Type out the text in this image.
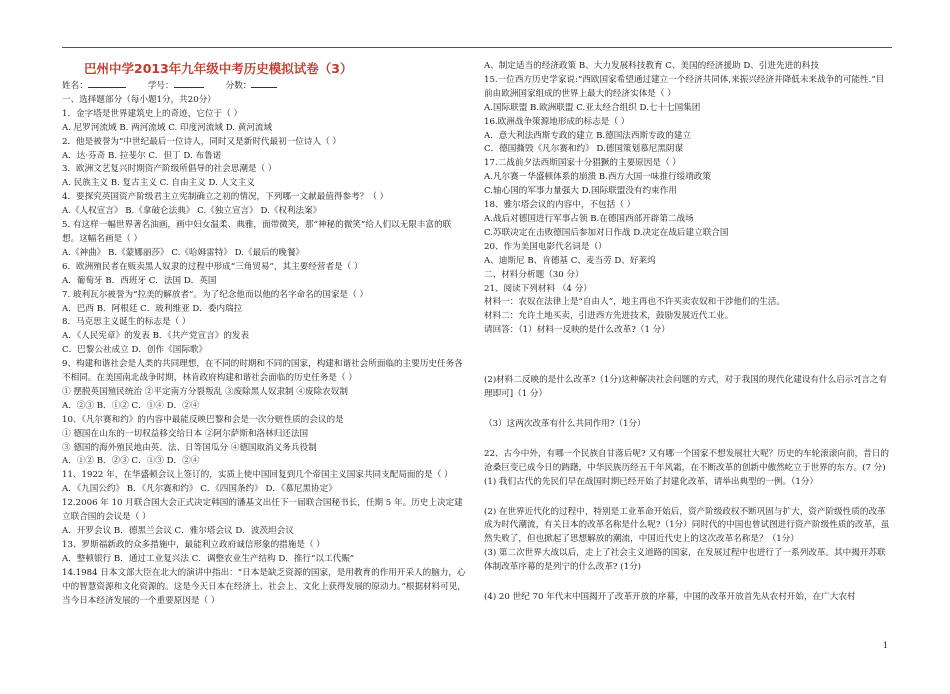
巴州中学2013年九年级中考历史模拟试卷（3）
姓名：	学号：	分数：
一、选择题部分（每小题1分，共20分）
1．金字塔是世界建筑史上的奇迹，它位于（ ）
A. 尼罗河流域 B. 两河流域 C. 印度河流域 D. 黄河流域
2．他是被誉为“中世纪最后一位诗人，同时又是新时代最初一位诗人（ ）
A．达·芬奇 B. 拉斐尔 C．但丁 D. 布鲁诺
3．欧洲文艺复兴时期资产阶级所倡导的社会思潮是（ ）
A. 民族主义 B. 复古主义 C. 自由主义 D. 人文主义
4．要探究英国资产阶级君主立宪制确立之初的情况，下列哪一文献最值得参考？（ ）
A.《人权宣言》 B.《拿破仑法典》 C.《独立宣言》 D.《权利法案》
5. 有这样一幅世界著名油画，画中妇女温柔、典雅，面带微笑，那“神秘的微笑”给人们以无限丰富的联想。这幅名画是（ ）
A.《神曲》 B.《蒙娜丽莎》 C.《哈姆雷特》 D.《最后的晚餐》
6．欧洲殖民者在贩卖黑人奴隶的过程中形成“三角贸易”，其主要经营者是（ ）
A．葡萄牙 B．西班牙 C．法国 D．英国
7. 玻利瓦尔被誉为“拉美的解放者”。为了纪念他而以他的名字命名的国家是（ ）
A．巴西 B．阿根廷 C．玻利维亚 D．委内瑞拉
8．马克思主义诞生的标志是（ ）
A．《人民宪章》的发表 B．《共产党宣言》的发表
C．巴黎公社成立 D．创作《国际歌》
9、构建和谐社会是人类的共同理想，在不同的时期和不同的国家，构建和谐社会所面临的主要历史任务各不相同。在美国南北战争时期，林肯政府构建和谐社会面临的历史任务是（ ）
① 摆脱英国殖民统治 ②平定南方分裂叛乱 ③废除黑人奴隶制 ④废除农奴制
A．②③ B．①② C．①④ D．②④
10、《凡尔赛和约》的内容中最能反映巴黎和会是一次分赃性质的会议的是
① 德国在山东的一切权益移交给日本 ②阿尔萨斯和洛林归还法国
③ 德国的海外殖民地由英、法、日等国瓜分 ④德国取消义务兵役制
A．①② B．②③ C．①③ D．②④
11、1922 年，在华盛顿会议上签订的，实质上使中国回复到几个帝国主义国家共同支配局面的是（ ）
A．《九国公约》 B．《凡尔赛和约》 C．《四国条约》 D．《慕尼黑协定》
12.2006 年 10 月联合国大会正式决定韩国的潘基文出任下一届联合国秘书长，任期 5 年。历史上决定建立联合国的会议是（ ）
A．开罗会议 B．德黑兰会议 C．雅尔塔会议 D．波茨坦会议
13、罗斯福新政的众多措施中，最能利立政府诚信形象的措施是（ ）
A．整顿银行 B．通过工业复兴法 C．调整农业生产结构 D．推行“以工代赈”
14.1984 日本文部大臣在北大的演讲中指出：“日本是缺乏资源的国家，是用教育的作用开采人的脑力，心中的智慧资源和文化资源的。这是今天日本在经济上、社会上、文化上获得发展的原动力。”根据材料可见，当今日本经济发展的一个重要原因是（ ）
A、制定适当的经济政策 B、大力发展科技教育 C、美国的经济援助 D、引进先进的科技
15.一位西方历史学家说:“西欧国家希望通过建立一个经济共同体,来振兴经济并降低未来战争的可能性.”目前由欧洲国家组成的世界上最大的经济实体是（ ）
A.国际联盟 B.欧洲联盟 C.亚太经合组织 D.七十七国集团
16.欧洲战争策源地形成的标志是（ ）
A．意大利法西斯专政的建立 B.德国法西斯专政的建立
C．德国撕毁《凡尔赛和约》 D.德国策划慕尼黑阴谋
17.二战前夕法西斯国家十分猖獗的主要原因是（ ）
A.凡尔赛－华盛顿体系的崩溃 B.西方大国一味推行绥靖政策
C.轴心国的军事力量强大 D.国际联盟没有约束作用
18、雅尔塔会议的内容中，不包括（ ）
A.战后对德国进行军事占领 B.在德国西部开辟第二战场
C.苏联决定在击败德国后参加对日作战 D.决定在战后建立联合国
20、作为美国电影代名词是（）
A、迪斯尼 B、肯德基 C、麦当劳 D、好莱坞
二、材料分析题（30 分）
21、阅读下列材料 （4 分）
材料一：农奴在法律上是“自由人”，地主再也不许买卖农奴和干涉他们的生活。
材料二：允许土地买卖，引进西方先进技术，鼓励发展近代工业。
请回答：（1）材料一反映的是什么改革?（1 分）
(2)材料二反映的是什么改革?（1分)这种解决社会问题的方式，对于我国的现代化建设有什么启示?[言之有理即可]（1 分）
（3）这两次改革有什么共同作用?（1分）
22、古今中外，有哪一个民族自甘落后呢? 又有哪一个国家不想发展壮大呢？历史的车轮滚滚向前，昔日的沧桑巨变已成今日的踌躇，中华民族历经五千年风霜，在不断改革的创新中傲然屹立于世界的东方。(7 分)
(1) 我们古代的先民们早在战国时期已经开始了封建化改革，请举出典型的一例。（1分）
(2) 在世界近代化的过程中，特别是工业革命开始后，资产阶级政权不断巩固与扩大，资产阶级性质的改革成为时代潮流，有关日本的改革名称是什么呢?（1分）同时代的中国也曾试图进行资产阶级性质的改革，虽然失败了，但也掀起了思想解放的潮流，中国近代史上的这次改革名称是？（1分）
(3) 第二次世界大战以后，走上了社会主义道路的国家，在发展过程中也进行了一系列改革。其中揭开苏联体制改革序幕的是列宁的什么改革? (1分)
(4) 20 世纪 70 年代末中国揭开了改革开放的序幕，中国的改革开放首先从农村开始，在广大农村
1
